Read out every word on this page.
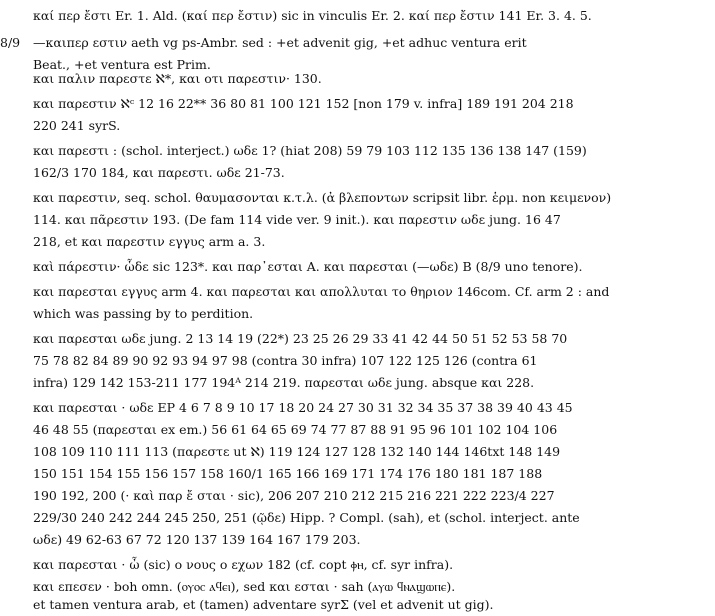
8/9
καί περ ἔστι Er. 1. Ald. (καί περ ἔστιν) sic in vinculis Er. 2. καί περ ἔστιν 141 Er. 3. 4. 5.
—καιπερ εστιν aeth vg ps-Ambr. sed : +et advenit gig, +et adhuc ventura erit
Beat., +et ventura est Prim.
και παλιν παρεστε ℵ*, και οτι παρεστιν· 130.
και παρεστιν ℵᶜ 12 16 22** 36 80 81 100 121 152 [non 179 v. infra] 189 191 204 218
220 241 syrS.
και παρεστι : (schol. interject.) ωδε 1? (hiat 208) 59 79 103 112 135 136 138 147 (159)
162/3 170 184, και παρεστι. ωδε 21-73.
και παρεστιν, seq. schol. θαυμασονται κ.τ.λ. (ἀ βλεποντων scripsit libr. ἑρμ. non κειμενον)
114. και πᾶρεστιν 193. (De fam 114 vide ver. 9 init.). και παρεστιν ωδε jung. 16 47
218, et και παρεστιν εγγυς arm a. 3.
καὶ πάρεστιν· ὧδε sic 123*. και παρ᾽εσται A. και παρεσται (—ωδε) B (8/9 uno tenore).
και παρεσται εγγυς arm 4. και παρεσται και απολλυται το θηριον 146com. Cf. arm 2 : and
which was passing by to perdition.
και παρεσται ωδε jung. 2 13 14 19 (22*) 23 25 26 29 33 41 42 44 50 51 52 53 58 70
75 78 82 84 89 90 92 93 94 97 98 (contra 30 infra) 107 122 125 126 (contra 61
infra) 129 142 153-211 177 194ᴬ 214 219. παρεσται ωδε jung. absque και 228.
και παρεσται · ωδε EP 4 6 7 8 9 10 17 18 20 24 27 30 31 32 34 35 37 38 39 40 43 45
46 48 55 (παρεσται ex em.) 56 61 64 65 69 74 77 87 88 91 95 96 101 102 104 106
108 109 110 111 113 (παρεστε ut ℵ) 119 124 127 128 132 140 144 146txt 148 149
150 151 154 155 156 157 158 160/1 165 166 169 171 174 176 180 181 187 188
190 192, 200 (· καὶ παρ ἔ σται · sic), 206 207 210 212 215 216 221 222 223/4 227
229/30 240 242 244 245 250, 251 (ῷδε) Hipp. ? Compl. (sah), et (schol. interject. ante
ωδε) 49 62-63 67 72 120 137 139 164 167 179 203.
και παρεσται · ὦ (sic) ο νους ο εχων 182 (cf. copt ⲫⲏ, cf. syr infra).
και επεσεν · boh omn. (ⲟⲩⲟⲥ ⲁϥⲉⲓ), sed και εσται · sah (ⲁⲩⲱ ϥⲛⲁϣⲱⲡⲉ).
et tamen ventura arab, et (tamen) adventare syrΣ (vel et advenit ut gig).
